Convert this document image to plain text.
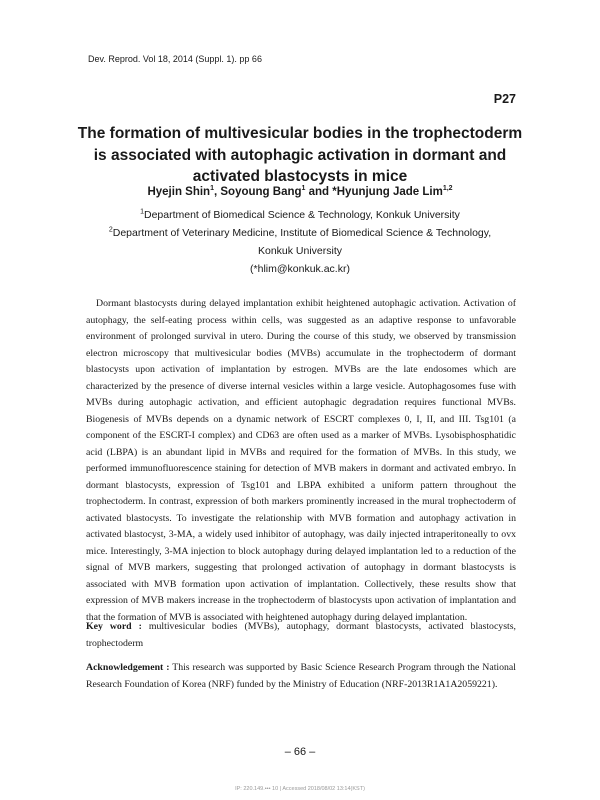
Dev. Reprod. Vol 18, 2014 (Suppl. 1). pp 66
P27
The formation of multivesicular bodies in the trophectoderm is associated with autophagic activation in dormant and activated blastocysts in mice
Hyejin Shin$^1$, Soyoung Bang$^1$ and *Hyunjung Jade Lim$^{1,2}$
$^1$Department of Biomedical Science & Technology, Konkuk University
$^2$Department of Veterinary Medicine, Institute of Biomedical Science & Technology,
Konkuk University
(*hlim@konkuk.ac.kr)
Dormant blastocysts during delayed implantation exhibit heightened autophagic activation. Activation of autophagy, the self-eating process within cells, was suggested as an adaptive response to unfavorable environment of prolonged survival in utero. During the course of this study, we observed by transmission electron microscopy that multivesicular bodies (MVBs) accumulate in the trophectoderm of dormant blastocysts upon activation of implantation by estrogen. MVBs are the late endosomes which are characterized by the presence of diverse internal vesicles within a large vesicle. Autophagosomes fuse with MVBs during autophagic activation, and efficient autophagic degradation requires functional MVBs. Biogenesis of MVBs depends on a dynamic network of ESCRT complexes 0, I, II, and III. Tsg101 (a component of the ESCRT-I complex) and CD63 are often used as a marker of MVBs. Lysobisphosphatidic acid (LBPA) is an abundant lipid in MVBs and required for the formation of MVBs. In this study, we performed immunofluorescence staining for detection of MVB makers in dormant and activated embryo. In dormant blastocysts, expression of Tsg101 and LBPA exhibited a uniform pattern throughout the trophectoderm. In contrast, expression of both markers prominently increased in the mural trophectoderm of activated blastocysts. To investigate the relationship with MVB formation and autophagy activation in activated blastocyst, 3-MA, a widely used inhibitor of autophagy, was daily injected intraperitoneally to ovx mice. Interestingly, 3-MA injection to block autophagy during delayed implantation led to a reduction of the signal of MVB markers, suggesting that prolonged activation of autophagy in dormant blastocysts is associated with MVB formation upon activation of implantation. Collectively, these results show that expression of MVB makers increase in the trophectoderm of blastocysts upon activation of implantation and that the formation of MVB is associated with heightened autophagy during delayed implantation.
Key word : multivesicular bodies (MVBs), autophagy, dormant blastocysts, activated blastocysts, trophectoderm
Acknowledgement : This research was supported by Basic Science Research Program through the National Research Foundation of Korea (NRF) funded by the Ministry of Education (NRF-2013R1A1A2059221).
– 66 –
IP: 220.149.••• 10 | Accessed 2018/08/02 13:14(KST)
